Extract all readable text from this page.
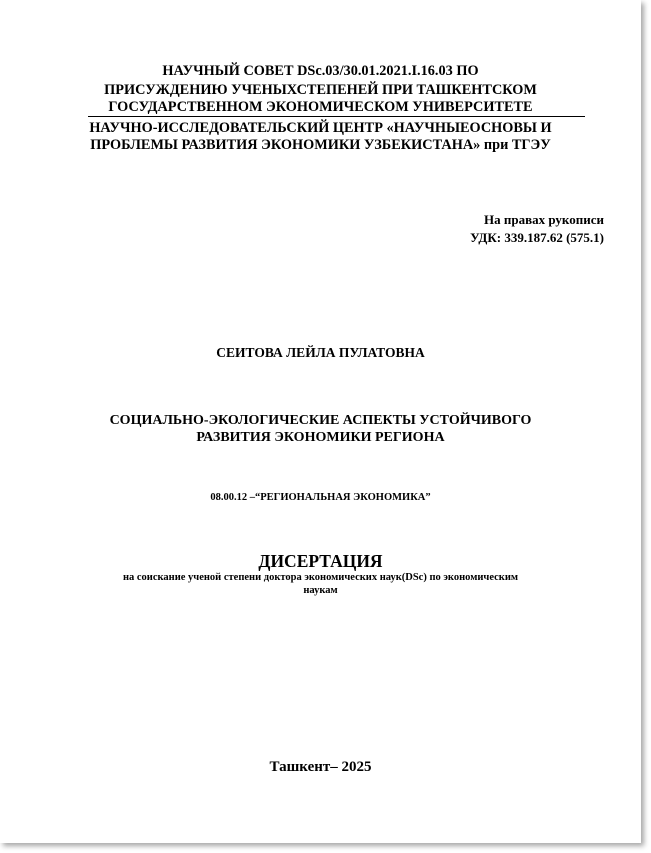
НАУЧНЫЙ СОВЕТ DSc.03/30.01.2021.I.16.03 ПО
ПРИСУЖДЕНИЮ УЧЕНЫХСТЕПЕНЕЙ ПРИ ТАШКЕНТСКОМ
ГОСУДАРСТВЕННОМ ЭКОНОМИЧЕСКОМ УНИВЕРСИТЕТЕ
НАУЧНО-ИССЛЕДОВАТЕЛЬСКИЙ ЦЕНТР «НАУЧНЫЕОСНОВЫ И
ПРОБЛЕМЫ РАЗВИТИЯ ЭКОНОМИКИ УЗБЕКИСТАНА» при ТГЭУ
На правах рукописи
УДК: 339.187.62 (575.1)
СЕИТОВА ЛЕЙЛА ПУЛАТОВНА
СОЦИАЛЬНО-ЭКОЛОГИЧЕСКИЕ АСПЕКТЫ УСТОЙЧИВОГО
РАЗВИТИЯ ЭКОНОМИКИ РЕГИОНА
08.00.12 –“РЕГИОНАЛЬНАЯ ЭКОНОМИКА”
ДИСЕРТАЦИЯ
на соискание ученой степени доктора экономических наук(DSc) по экономическим
наукам
Ташкент– 2025
